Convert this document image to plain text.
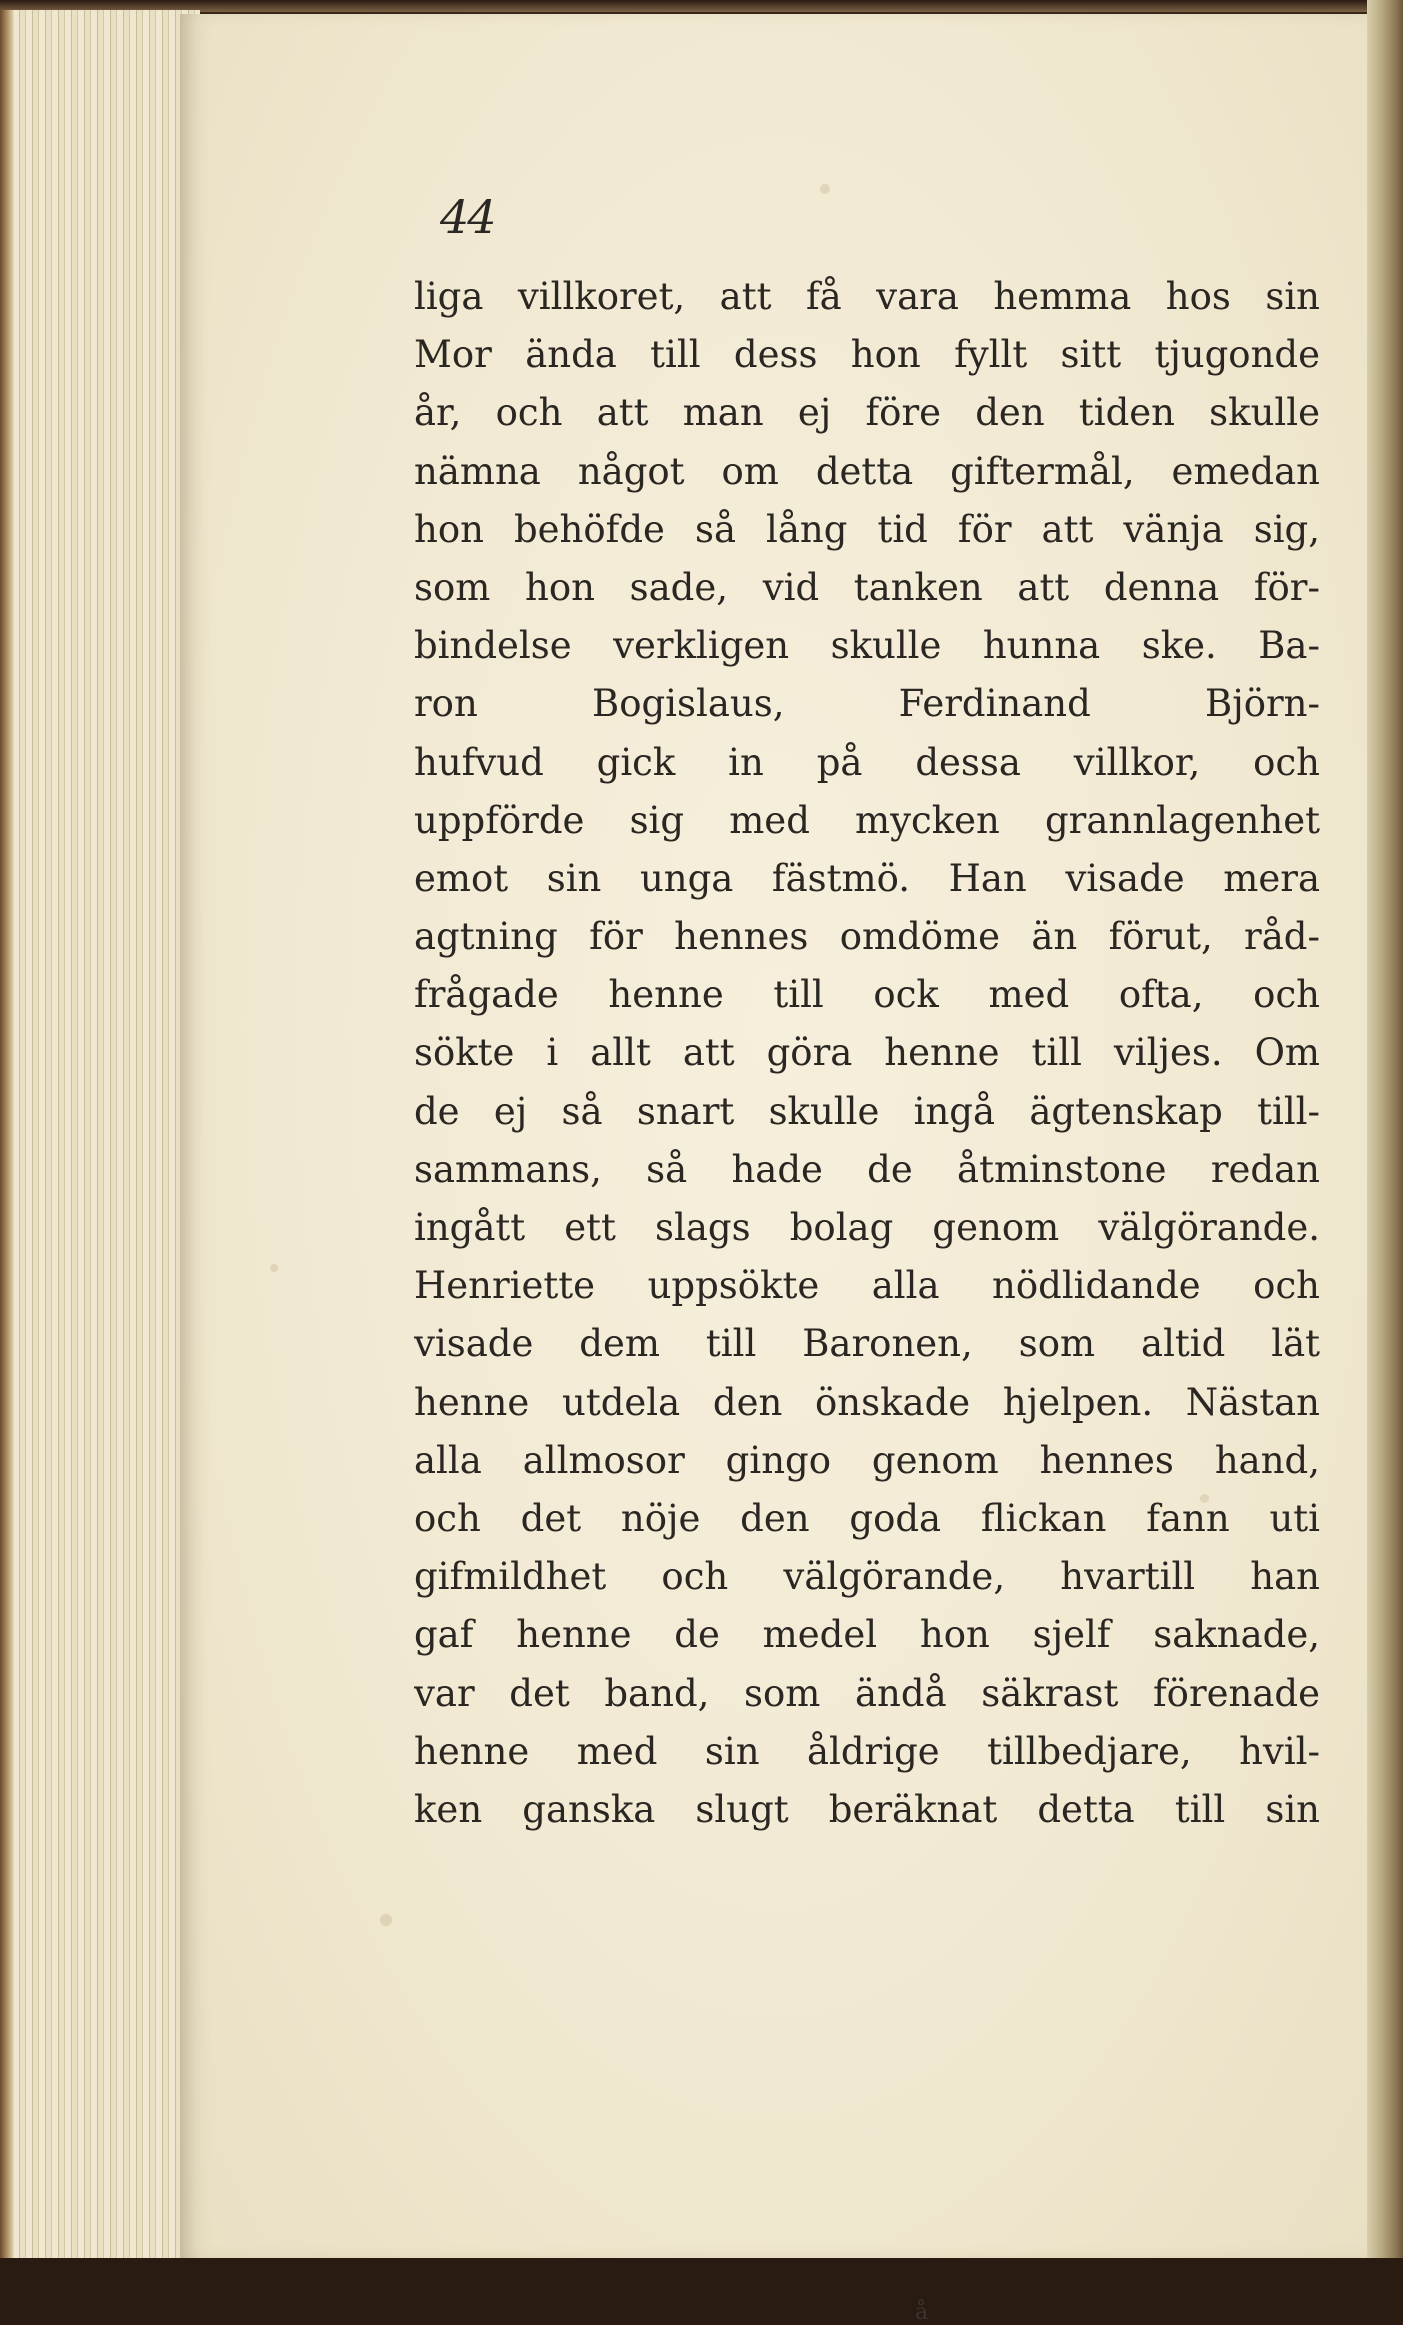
44
liga villkoret, att få vara hemma hos sin
Mor ända till dess hon fyllt sitt tjugonde
år, och att man ej före den tiden skulle
nämna något om detta giftermål, emedan
hon behöfde så lång tid för att vänja sig,
som hon sade, vid tanken att denna för-
bindelse verkligen skulle hunna ske. Ba-
ron Bogislaus, Ferdinand Björn-
hufvud gick in på dessa villkor, och
uppförde sig med mycken grannlagenhet
emot sin unga fästmö. Han visade mera
agtning för hennes omdöme än förut, råd-
frågade henne till ock med ofta, och
sökte i allt att göra henne till viljes. Om
de ej så snart skulle ingå ägtenskap till-
sammans, så hade de åtminstone redan
ingått ett slags bolag genom välgörande.
Henriette uppsökte alla nödlidande och
visade dem till Baronen, som altid lät
henne utdela den önskade hjelpen. Nästan
alla allmosor gingo genom hennes hand,
och det nöje den goda flickan fann uti
gifmildhet och välgörande, hvartill han
gaf henne de medel hon sjelf saknade,
var det band, som ändå säkrast förenade
henne med sin åldrige tillbedjare, hvil-
ken ganska slugt beräknat detta till sin
å
